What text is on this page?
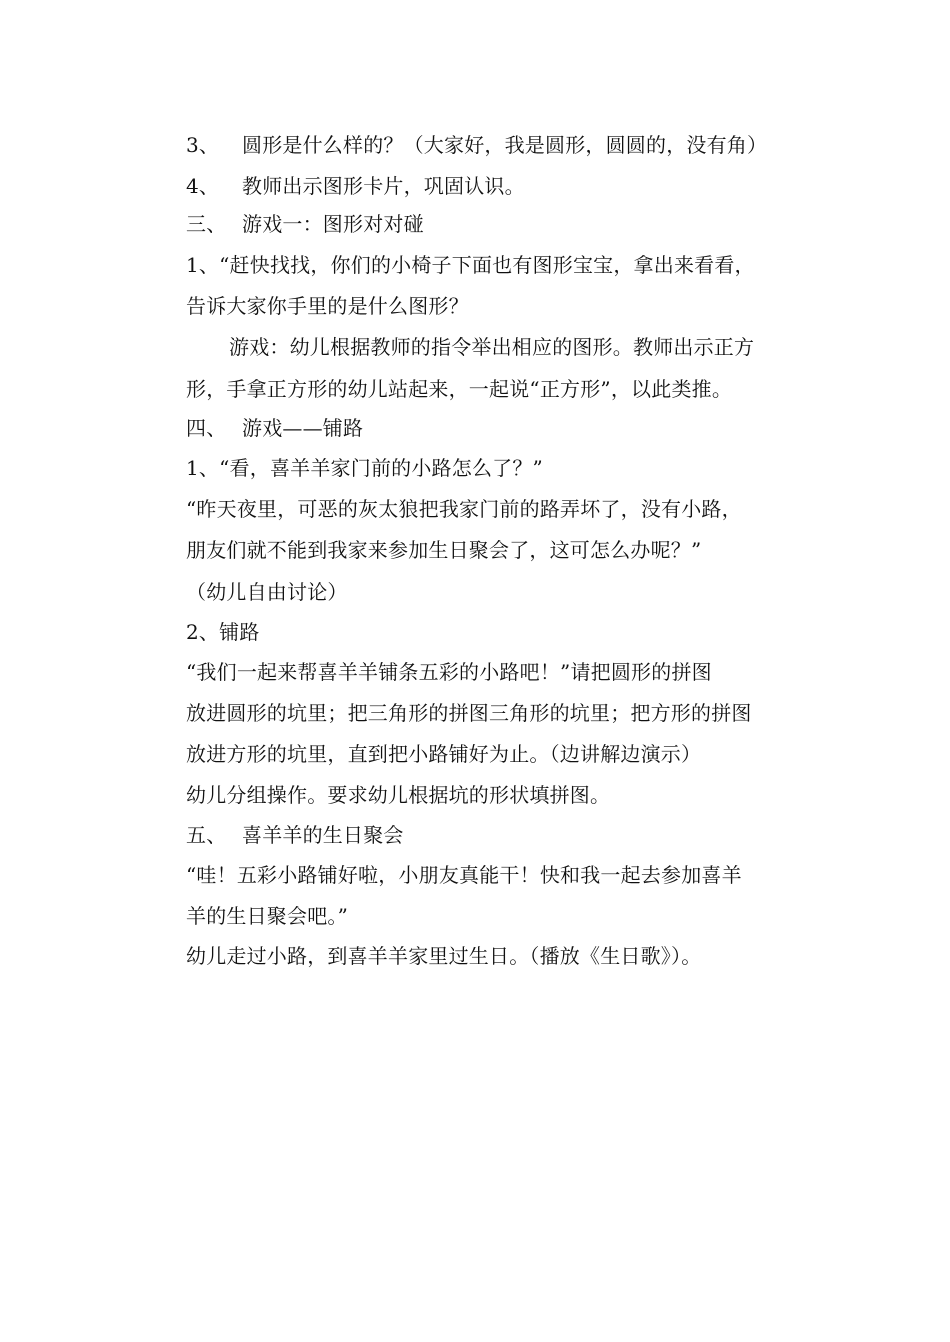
3、 圆形是什么样的？（大家好，我是圆形，圆圆的，没有角）
4、 教师出示图形卡片，巩固认识。
三、 游戏一：图形对对碰
1、“赶快找找，你们的小椅子下面也有图形宝宝，拿出来看看，
告诉大家你手里的是什么图形？
游戏：幼儿根据教师的指令举出相应的图形。教师出示正方
形，手拿正方形的幼儿站起来，一起说“正方形”，以此类推。
四、 游戏——铺路
1、“看，喜羊羊家门前的小路怎么了？”
“昨天夜里，可恶的灰太狼把我家门前的路弄坏了，没有小路，
朋友们就不能到我家来参加生日聚会了，这可怎么办呢？”
（幼儿自由讨论）
2、铺路
“我们一起来帮喜羊羊铺条五彩的小路吧！”请把圆形的拼图
放进圆形的坑里；把三角形的拼图三角形的坑里；把方形的拼图
放进方形的坑里，直到把小路铺好为止。（边讲解边演示）
幼儿分组操作。要求幼儿根据坑的形状填拼图。
五、 喜羊羊的生日聚会
“哇！五彩小路铺好啦，小朋友真能干！快和我一起去参加喜羊
羊的生日聚会吧。”
幼儿走过小路，到喜羊羊家里过生日。（播放《生日歌》）。
